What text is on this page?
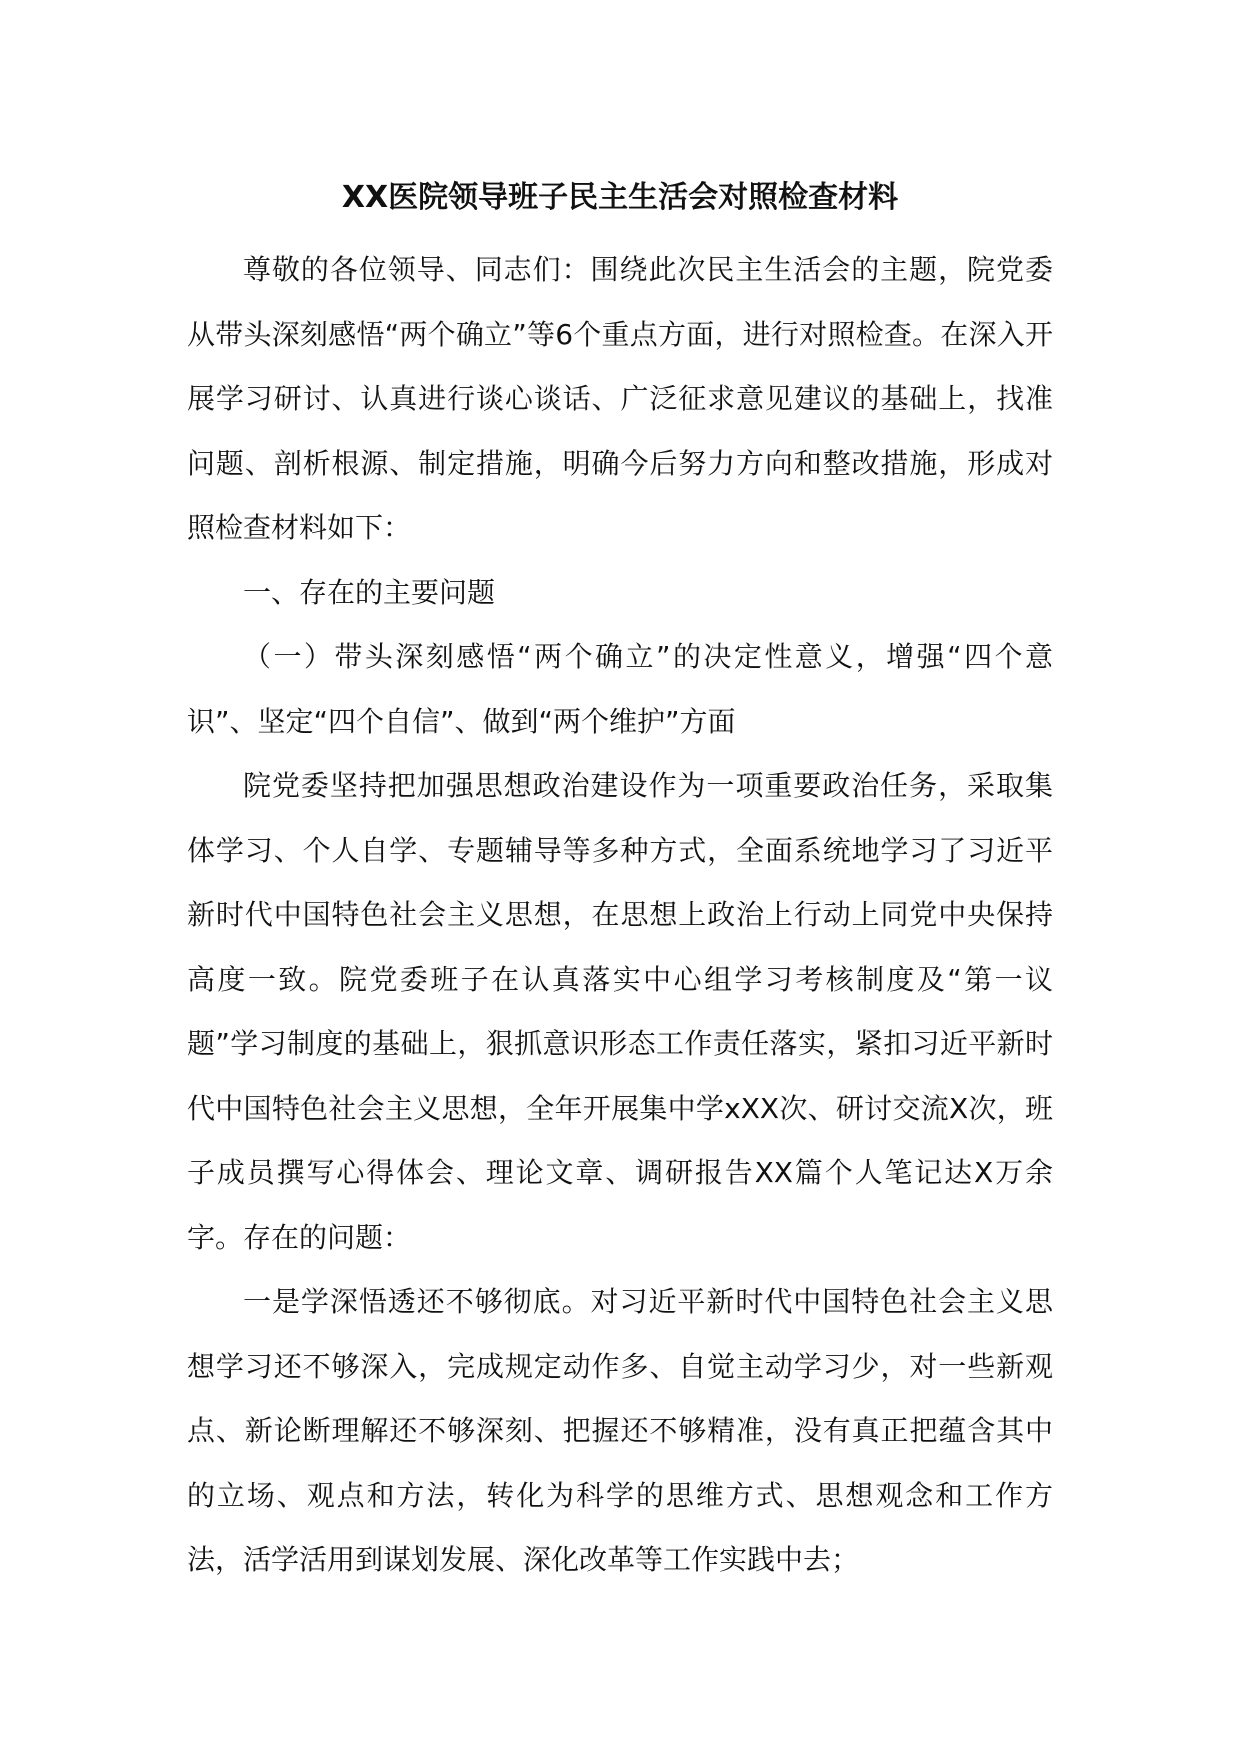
XX医院领导班子民主生活会对照检查材料

尊敬的各位领导、同志们：围绕此次民主生活会的主题，院党委从带头深刻感悟“两个确立”等6个重点方面，进行对照检查。在深入开展学习研讨、认真进行谈心谈话、广泛征求意见建议的基础上，找准问题、剖析根源、制定措施，明确今后努力方向和整改措施，形成对照检查材料如下：

一、存在的主要问题

（一）带头深刻感悟“两个确立”的决定性意义，增强“四个意识”、坚定“四个自信”、做到“两个维护”方面

院党委坚持把加强思想政治建设作为一项重要政治任务，采取集体学习、个人自学、专题辅导等多种方式，全面系统地学习了习近平新时代中国特色社会主义思想，在思想上政治上行动上同党中央保持高度一致。院党委班子在认真落实中心组学习考核制度及“第一议题”学习制度的基础上，狠抓意识形态工作责任落实，紧扣习近平新时代中国特色社会主义思想，全年开展集中学xXX次、研讨交流X次，班子成员撰写心得体会、理论文章、调研报告XX篇个人笔记达X万余字。存在的问题：

一是学深悟透还不够彻底。对习近平新时代中国特色社会主义思想学习还不够深入，完成规定动作多、自觉主动学习少，对一些新观点、新论断理解还不够深刻、把握还不够精准，没有真正把蕴含其中的立场、观点和方法，转化为科学的思维方式、思想观念和工作方法，活学活用到谋划发展、深化改革等工作实践中去；
